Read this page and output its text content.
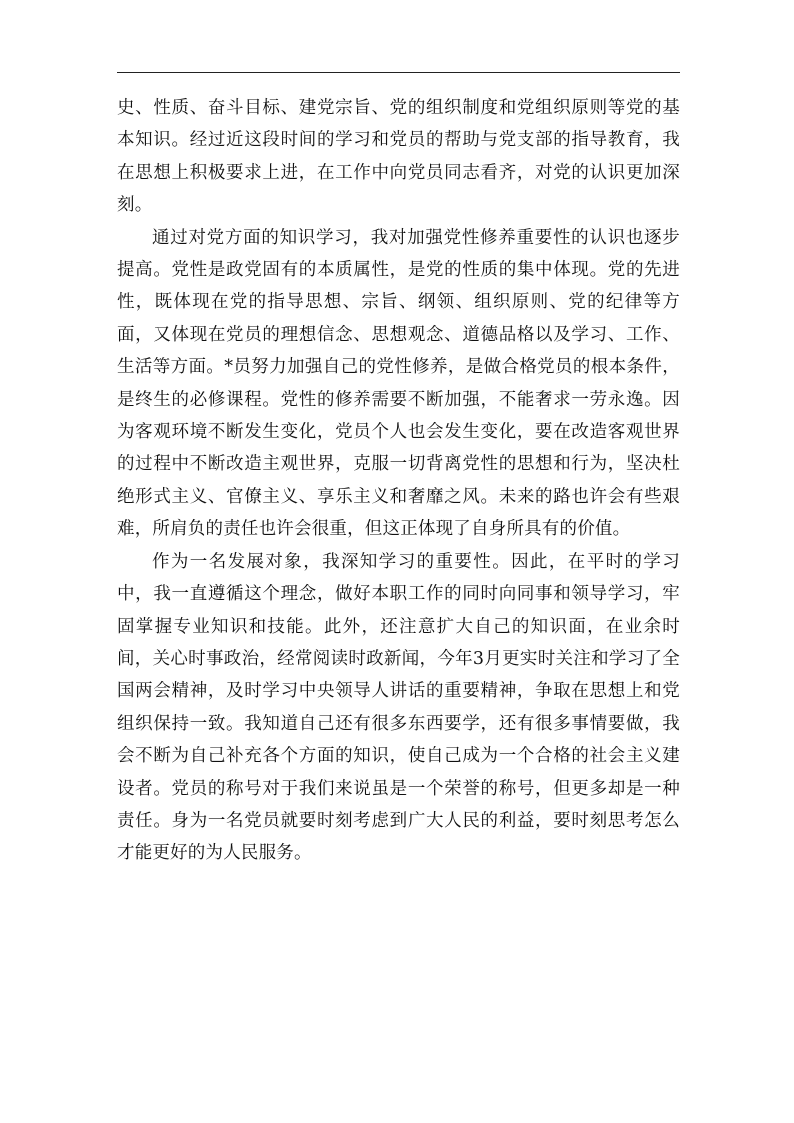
史、性质、奋斗目标、建党宗旨、党的组织制度和党组织原则等党的基本知识。经过近这段时间的学习和党员的帮助与党支部的指导教育，我在思想上积极要求上进，在工作中向党员同志看齐，对党的认识更加深刻。

通过对党方面的知识学习，我对加强党性修养重要性的认识也逐步提高。党性是政党固有的本质属性，是党的性质的集中体现。党的先进性，既体现在党的指导思想、宗旨、纲领、组织原则、党的纪律等方面，又体现在党员的理想信念、思想观念、道德品格以及学习、工作、生活等方面。*员努力加强自己的党性修养，是做合格党员的根本条件，是终生的必修课程。党性的修养需要不断加强，不能奢求一劳永逸。因为客观环境不断发生变化，党员个人也会发生变化，要在改造客观世界的过程中不断改造主观世界，克服一切背离党性的思想和行为，坚决杜绝形式主义、官僚主义、享乐主义和奢靡之风。未来的路也许会有些艰难，所肩负的责任也许会很重，但这正体现了自身所具有的价值。

作为一名发展对象，我深知学习的重要性。因此，在平时的学习中，我一直遵循这个理念，做好本职工作的同时向同事和领导学习，牢固掌握专业知识和技能。此外，还注意扩大自己的知识面，在业余时间，关心时事政治，经常阅读时政新闻，今年3月更实时关注和学习了全国两会精神，及时学习中央领导人讲话的重要精神，争取在思想上和党组织保持一致。我知道自己还有很多东西要学，还有很多事情要做，我会不断为自己补充各个方面的知识，使自己成为一个合格的社会主义建设者。党员的称号对于我们来说虽是一个荣誉的称号，但更多却是一种责任。身为一名党员就要时刻考虑到广大人民的利益，要时刻思考怎么才能更好的为人民服务。
